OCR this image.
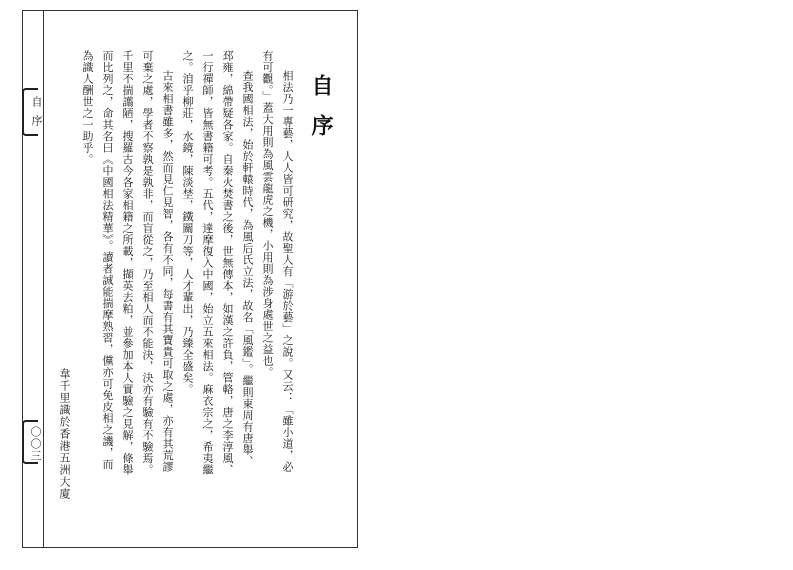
自序
〇〇三
自序
相法乃一專藝，人人皆可研究，故聖人有「游於藝」之說。又云：「雖小道，必
有可觀。」蓋大用則為風雲龍虎之機，小用則為涉身處世之益也。
查我國相法，始於軒轅時代，為風后氏立法，故名「風鑑」。繼則東周有唐舉、
邳雍，綿帶疑各家。自秦火焚書之後，世無傳本，如漢之許負，管輅，唐之李淳風、
一行禪師，皆無書籍可考。五代，達摩復入中國，始立五來相法。麻衣宗之，希夷繼
之。洎乎柳莊，水鏡，陳淡埜，鐵關刀等，人才輩出，乃臻全盛矣。
古來相書雖多，然而見仁見智，各有不同，每書有其寶貴可取之處，亦有其荒謬
可棄之處，學者不察孰是孰非，而盲從之，乃至相人而不能決，決亦有驗有不驗焉。
千里不揣譾陋，搜羅古今各家相籍之所載，擷英去粕，並參加本人實驗之見解，條舉
而比列之，命其名曰《中國相法精華》。讀者誠能揣摩熟習，儻亦可免皮相之譏，而
為識人酬世之一助乎。
韋千里識於香港五洲大廈
